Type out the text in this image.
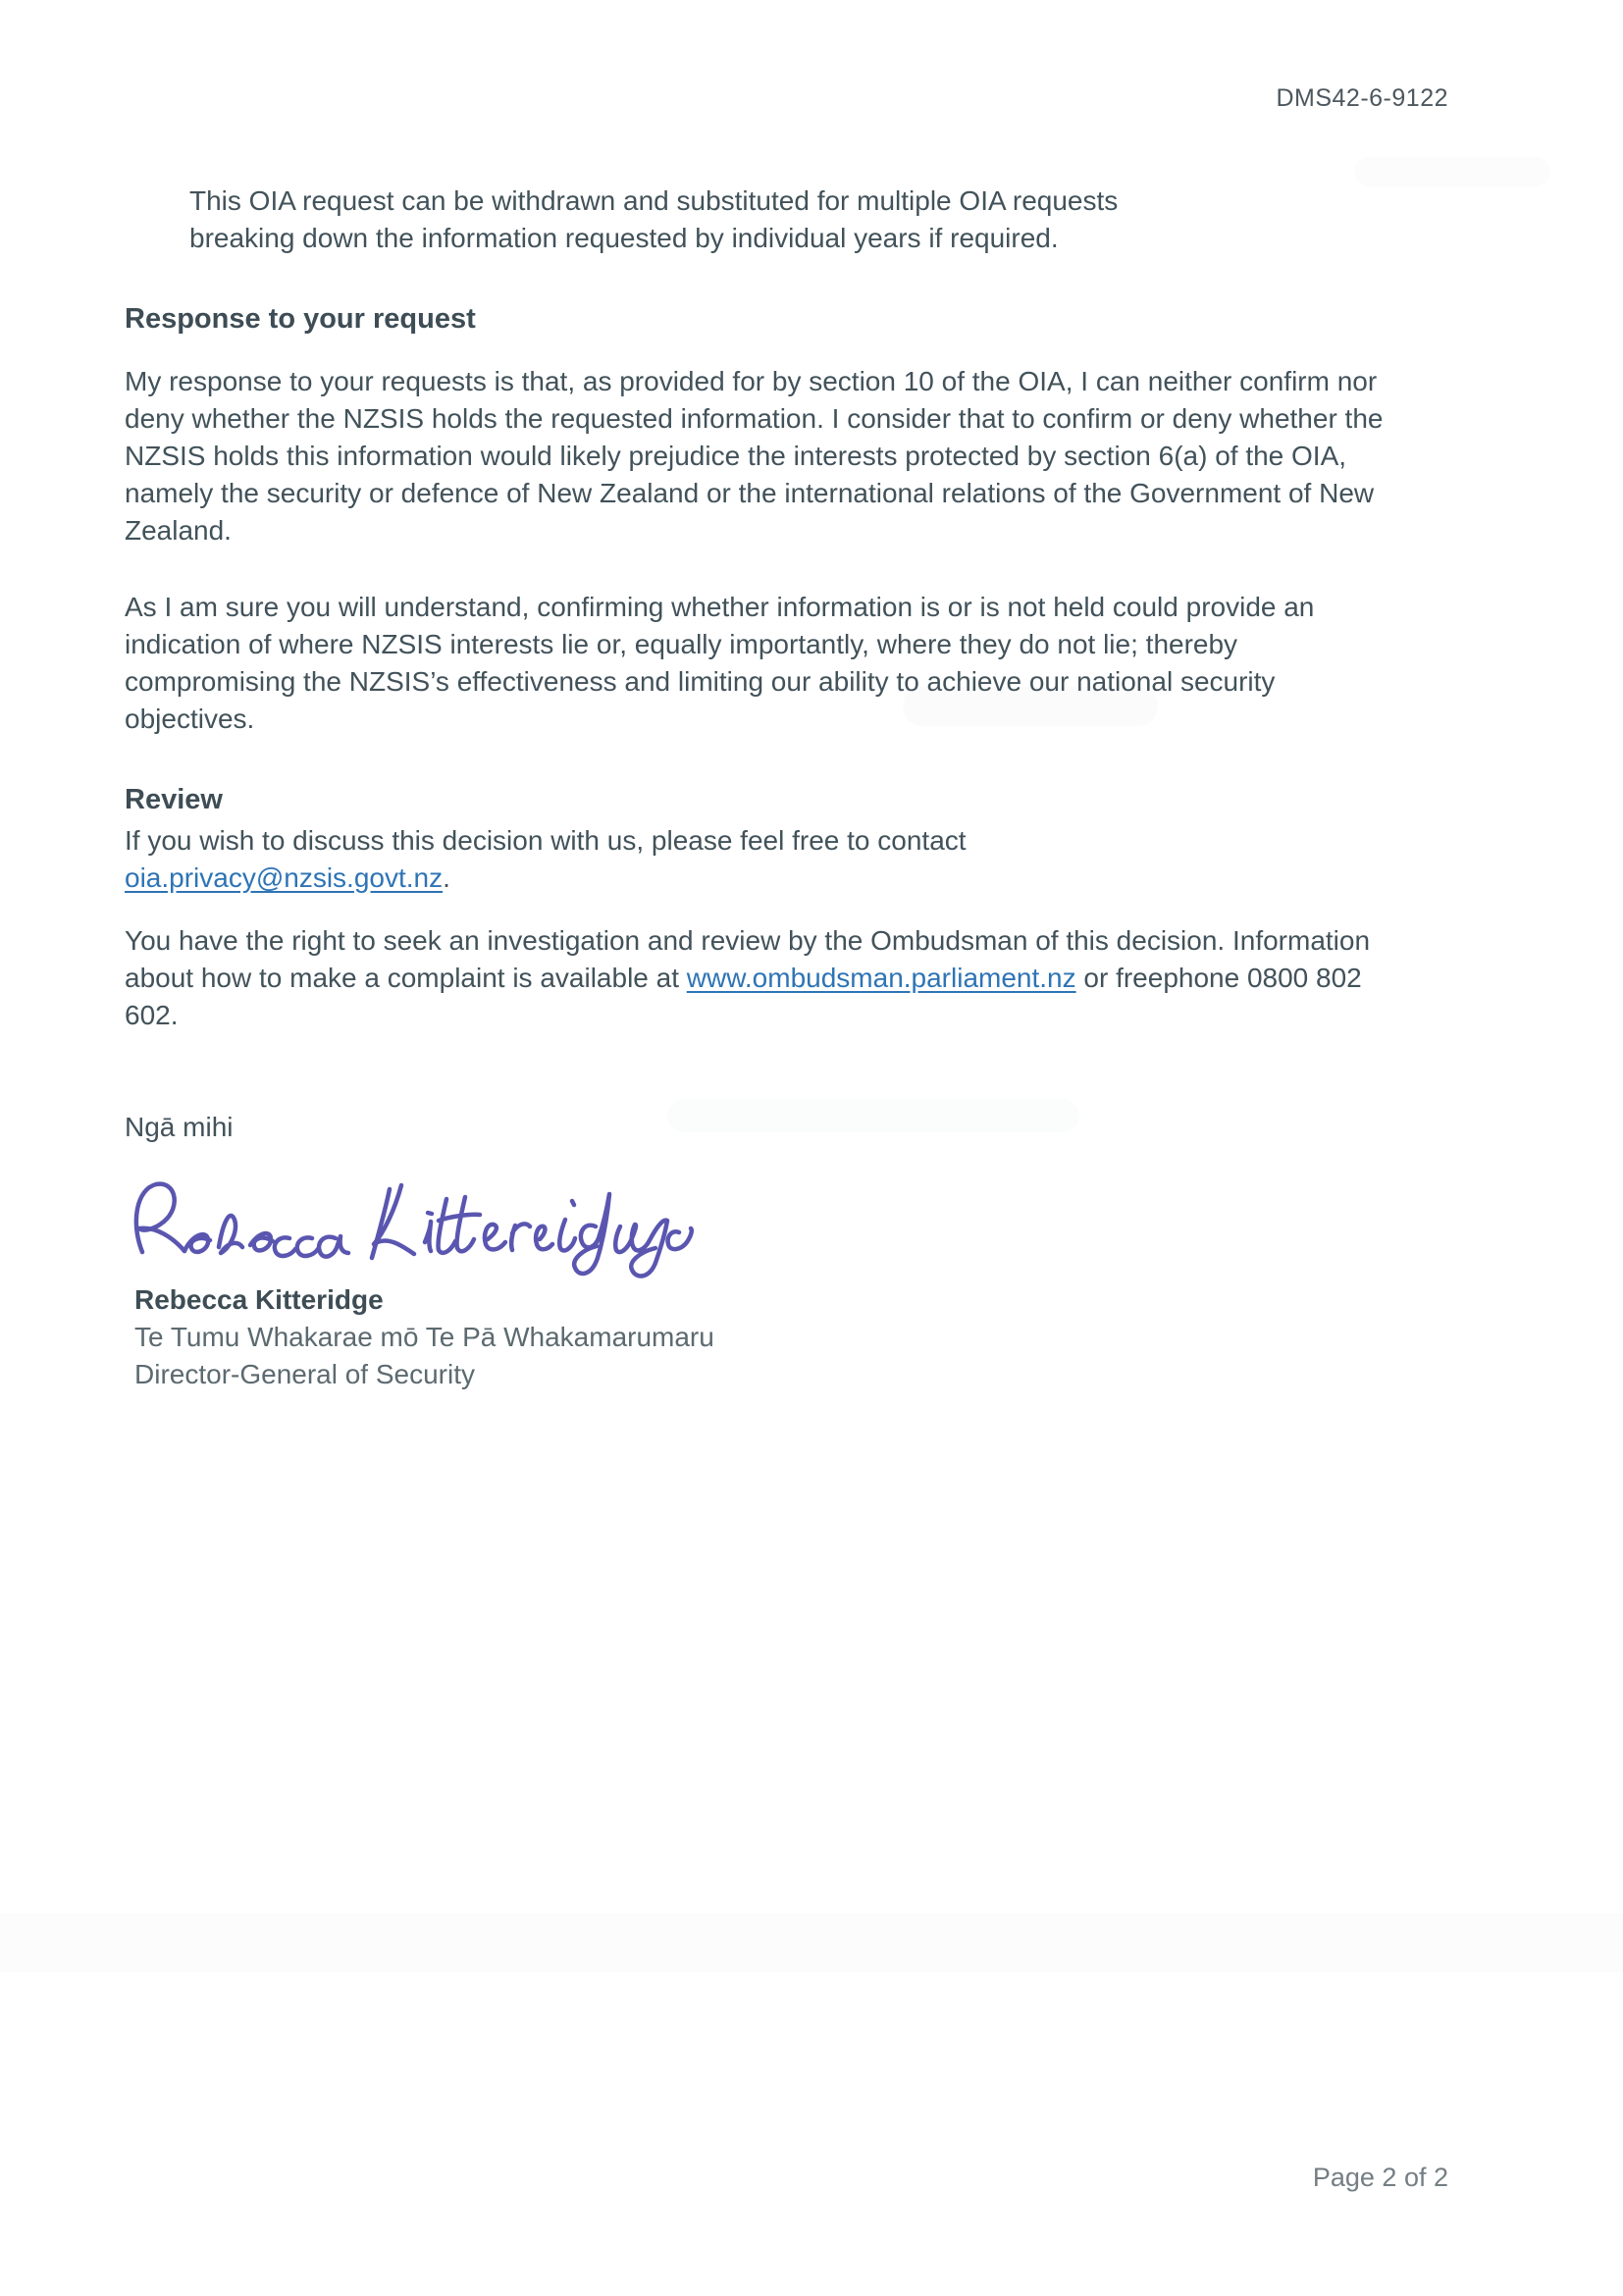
DMS42-6-9122

This OIA request can be withdrawn and substituted for multiple OIA requests breaking down the information requested by individual years if required.

Response to your request

My response to your requests is that, as provided for by section 10 of the OIA, I can neither confirm nor deny whether the NZSIS holds the requested information. I consider that to confirm or deny whether the NZSIS holds this information would likely prejudice the interests protected by section 6(a) of the OIA, namely the security or defence of New Zealand or the international relations of the Government of New Zealand.

As I am sure you will understand, confirming whether information is or is not held could provide an indication of where NZSIS interests lie or, equally importantly, where they do not lie; thereby compromising the NZSIS’s effectiveness and limiting our ability to achieve our national security objectives.

Review
If you wish to discuss this decision with us, please feel free to contact
oia.privacy@nzsis.govt.nz.

You have the right to seek an investigation and review by the Ombudsman of this decision. Information about how to make a complaint is available at www.ombudsman.parliament.nz or freephone 0800 802 602.

Ngā mihi

Rebecca Kitteridge
Te Tumu Whakarae mō Te Pā Whakamarumaru
Director-General of Security
Page 2 of 2
